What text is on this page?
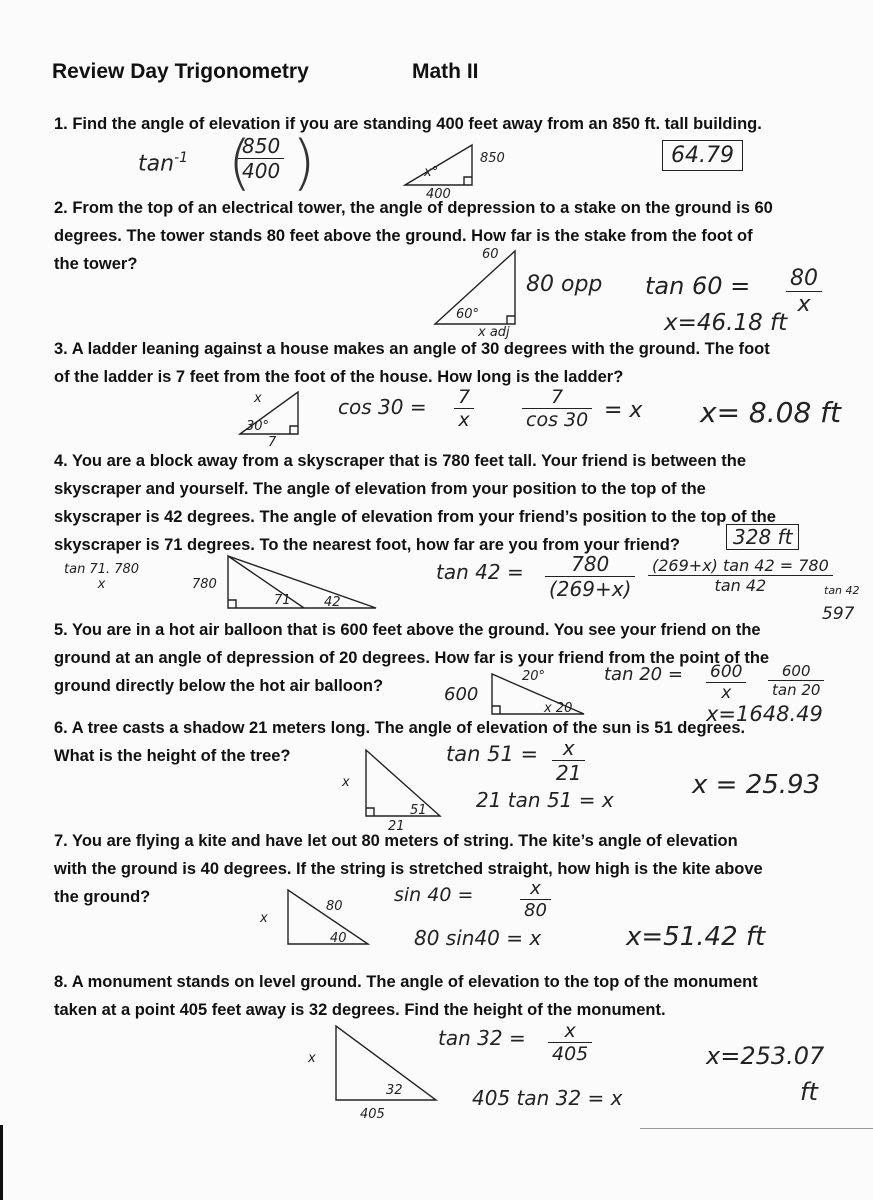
Review Day Trigonometry	Math II
1. Find the angle of elevation if you are standing 400 feet away from an 850 ft. tall building.
$\tan^{-1} \frac{850}{400}$
( )	x°
400
850	64.79
2. From the top of an electrical tower, the angle of depression to a stake on the ground is 60
degrees. The tower stands 80 feet above the ground. How far is the stake from the foot of
the tower?
60
60°
x adj
80 opp $\tan 60 = \frac{80}{x}$
x=46.18 ft
3. A ladder leaning against a house makes an angle of 30 degrees with the ground. The foot
of the ladder is 7 feet from the foot of the house. How long is the ladder?
x
30°
7
$\cos 30 = \frac{7}{x}$	$\frac{7}{\cos 30} = x$ x= 8.08 ft
4. You are a block away from a skyscraper that is 780 feet tall. Your friend is between the
skyscraper and yourself. The angle of elevation from your position to the top of the
skyscraper is 42 degrees. The angle of elevation from your friend’s position to the top of the
skyscraper is 71 degrees. To the nearest foot, how far are you from your friend?	328 ft
tan 71. 780
x	780
71	42
$\tan 42 = \frac{780}{(269+x)} \frac{(269+x) \tan 42 = 780}{\tan 42}$
tan 42
597
5. You are in a hot air balloon that is 600 feet above the ground. You see your friend on the
ground at an angle of depression of 20 degrees. How far is your friend from the point of the
ground directly below the hot air balloon?
20°
x 20
600
$\tan 20 = \frac{600}{x} \frac{600}{\tan 20}$
x=1648.49
6. A tree casts a shadow 21 meters long. The angle of elevation of the sun is 51 degrees.
What is the height of the tree?
x
51
21
$\tan 51 = \frac{x}{21}$
21 tan 51 = x	x = 25.93
7. You are flying a kite and have let out 80 meters of string. The kite’s angle of elevation
with the ground is 40 degrees. If the string is stretched straight, how high is the kite above
the ground?
x
80
40
sin 40 =	$\frac{x}{80}$
80 sin40 = x	x=51.42 ft
8. A monument stands on level ground. The angle of elevation to the top of the monument
taken at a point 405 feet away is 32 degrees. Find the height of the monument.
x
32
405
$\tan 32 = \frac{x}{405}$
405 tan 32 = x
x=253.07
ft
